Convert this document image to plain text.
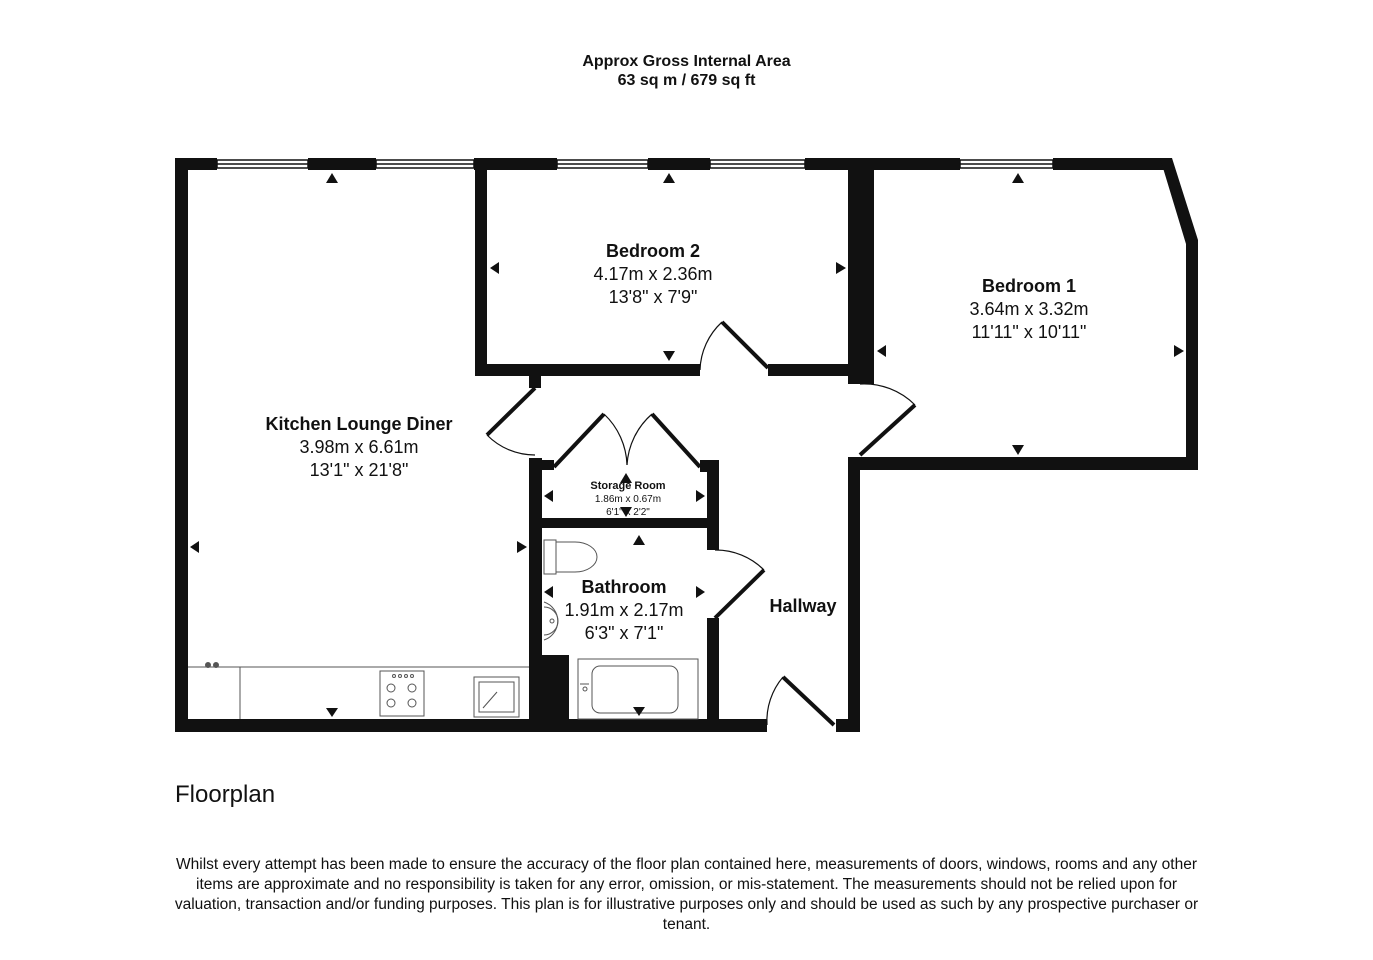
Approx Gross Internal Area
63 sq m / 679 sq ft
Kitchen Lounge Diner
3.98m x 6.61m
13'1" x 21'8"
Bedroom 2
4.17m x 2.36m
13'8" x 7'9"
Bedroom 1
3.64m x 3.32m
11'11" x 10'11"
Storage Room
1.86m x 0.67m
6'1" x 2'2"
Bathroom
1.91m x 2.17m
6'3" x 7'1"
Hallway
Floorplan
Whilst every attempt has been made to ensure the accuracy of the floor plan contained here, measurements of doors, windows, rooms and any other items are approximate and no responsibility is taken for any error, omission, or mis-statement. The measurements should not be relied upon for valuation, transaction and/or funding purposes. This plan is for illustrative purposes only and should be used as such by any prospective purchaser or tenant.
